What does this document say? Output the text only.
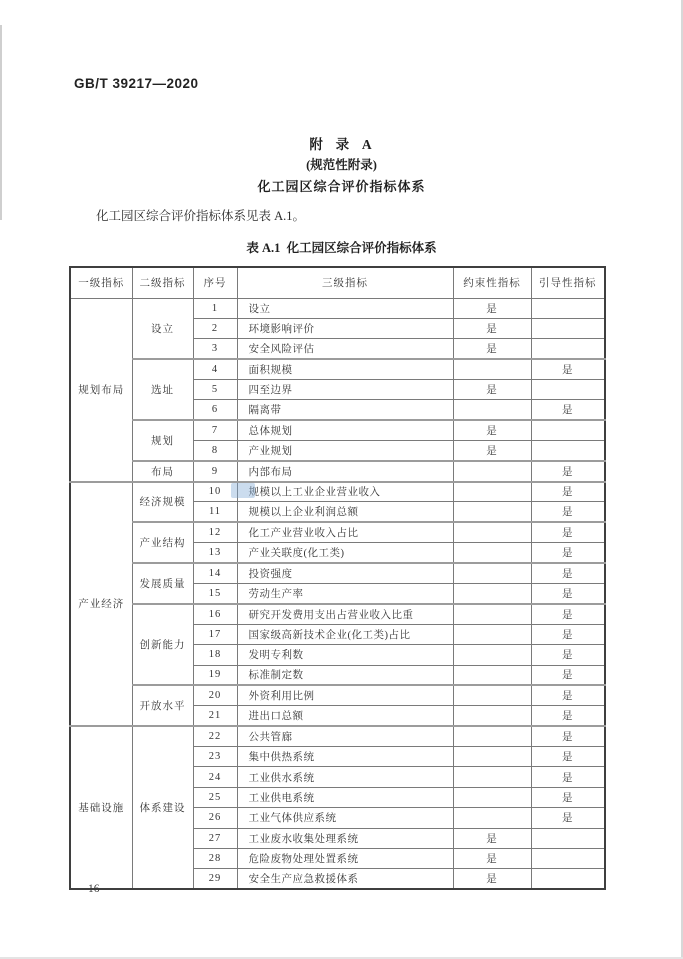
GB/T 39217—2020
附  录  A
(规范性附录)
化工园区综合评价指标体系
化工园区综合评价指标体系见表 A.1。
表 A.1  化工园区综合评价指标体系
一级指标	二级指标	序号	三级指标	约束性指标	引导性指标
规划布局	设立	1	设立	是	
		2	环境影响评价	是	
		3	安全风险评估	是	
	选址	4	面积规模		是
		5	四至边界	是	
		6	隔离带		是
	规划	7	总体规划	是	
		8	产业规划	是	
	布局	9	内部布局		是
产业经济	经济规模	10	规模以上工业企业营业收入		是
		11	规模以上企业利润总额		是
	产业结构	12	化工产业营业收入占比		是
		13	产业关联度(化工类)		是
	发展质量	14	投资强度		是
		15	劳动生产率		是
	创新能力	16	研究开发费用支出占营业收入比重		是
		17	国家级高新技术企业(化工类)占比		是
		18	发明专利数		是
		19	标准制定数		是
	开放水平	20	外资利用比例		是
		21	进出口总额		是
基础设施	体系建设	22	公共管廊		是
		23	集中供热系统		是
		24	工业供水系统		是
		25	工业供电系统		是
		26	工业气体供应系统		是
		27	工业废水收集处理系统	是	
		28	危险废物处理处置系统	是	
		29	安全生产应急救援体系	是	
16
